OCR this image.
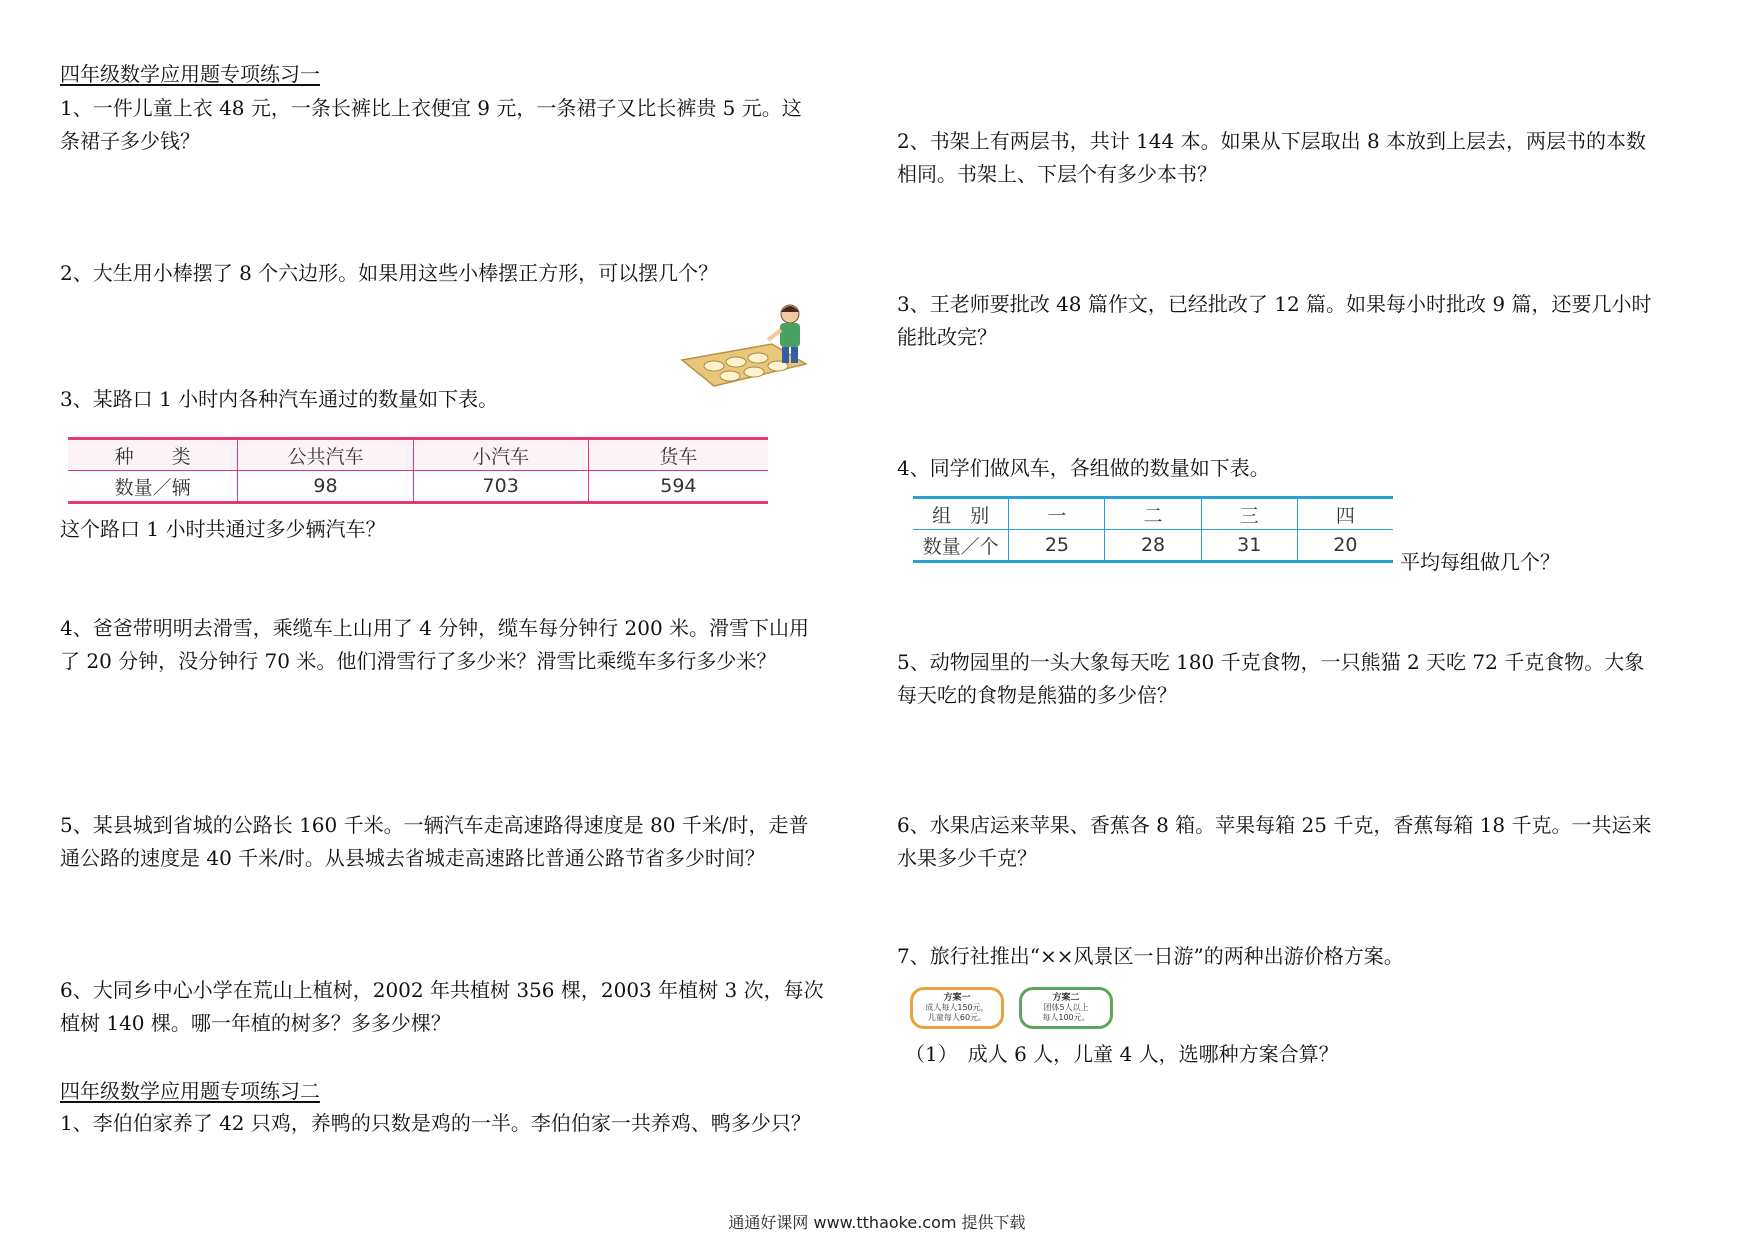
四年级数学应用题专项练习一
1、一件儿童上衣 48 元，一条长裤比上衣便宜 9 元，一条裙子又比长裤贵 5 元。这
条裙子多少钱？
2、大生用小棒摆了 8 个六边形。如果用这些小棒摆正方形，可以摆几个？
3、某路口 1 小时内各种汽车通过的数量如下表。
种　　类	公共汽车	小汽车	货车
数量／辆	98	703	594
这个路口 1 小时共通过多少辆汽车？
4、爸爸带明明去滑雪，乘缆车上山用了 4 分钟，缆车每分钟行 200 米。滑雪下山用
了 20 分钟，没分钟行 70 米。他们滑雪行了多少米？滑雪比乘缆车多行多少米？
5、某县城到省城的公路长 160 千米。一辆汽车走高速路得速度是 80 千米/时，走普
通公路的速度是 40 千米/时。从县城去省城走高速路比普通公路节省多少时间？
6、大同乡中心小学在荒山上植树，2002 年共植树 356 棵，2003 年植树 3 次，每次
植树 140 棵。哪一年植的树多？多多少棵？
四年级数学应用题专项练习二
1、李伯伯家养了 42 只鸡，养鸭的只数是鸡的一半。李伯伯家一共养鸡、鸭多少只？
2、书架上有两层书，共计 144 本。如果从下层取出 8 本放到上层去，两层书的本数
相同。书架上、下层个有多少本书？
3、王老师要批改 48 篇作文，已经批改了 12 篇。如果每小时批改 9 篇，还要几小时
能批改完？
4、同学们做风车，各组做的数量如下表。
组　别	一	二	三	四
数量／个	25	28	31	20
平均每组做几个？
5、动物园里的一头大象每天吃 180 千克食物，一只熊猫 2 天吃 72 千克食物。大象
每天吃的食物是熊猫的多少倍？
6、水果店运来苹果、香蕉各 8 箱。苹果每箱 25 千克，香蕉每箱 18 千克。一共运来
水果多少千克？
7、旅行社推出“××风景区一日游”的两种出游价格方案。
方案一
成人每人150元，
儿童每人60元。
方案二
团体5人以上
每人100元。
（1）　成人 6 人，儿童 4 人，选哪种方案合算？
通通好课网 www.tthaoke.com 提供下载
